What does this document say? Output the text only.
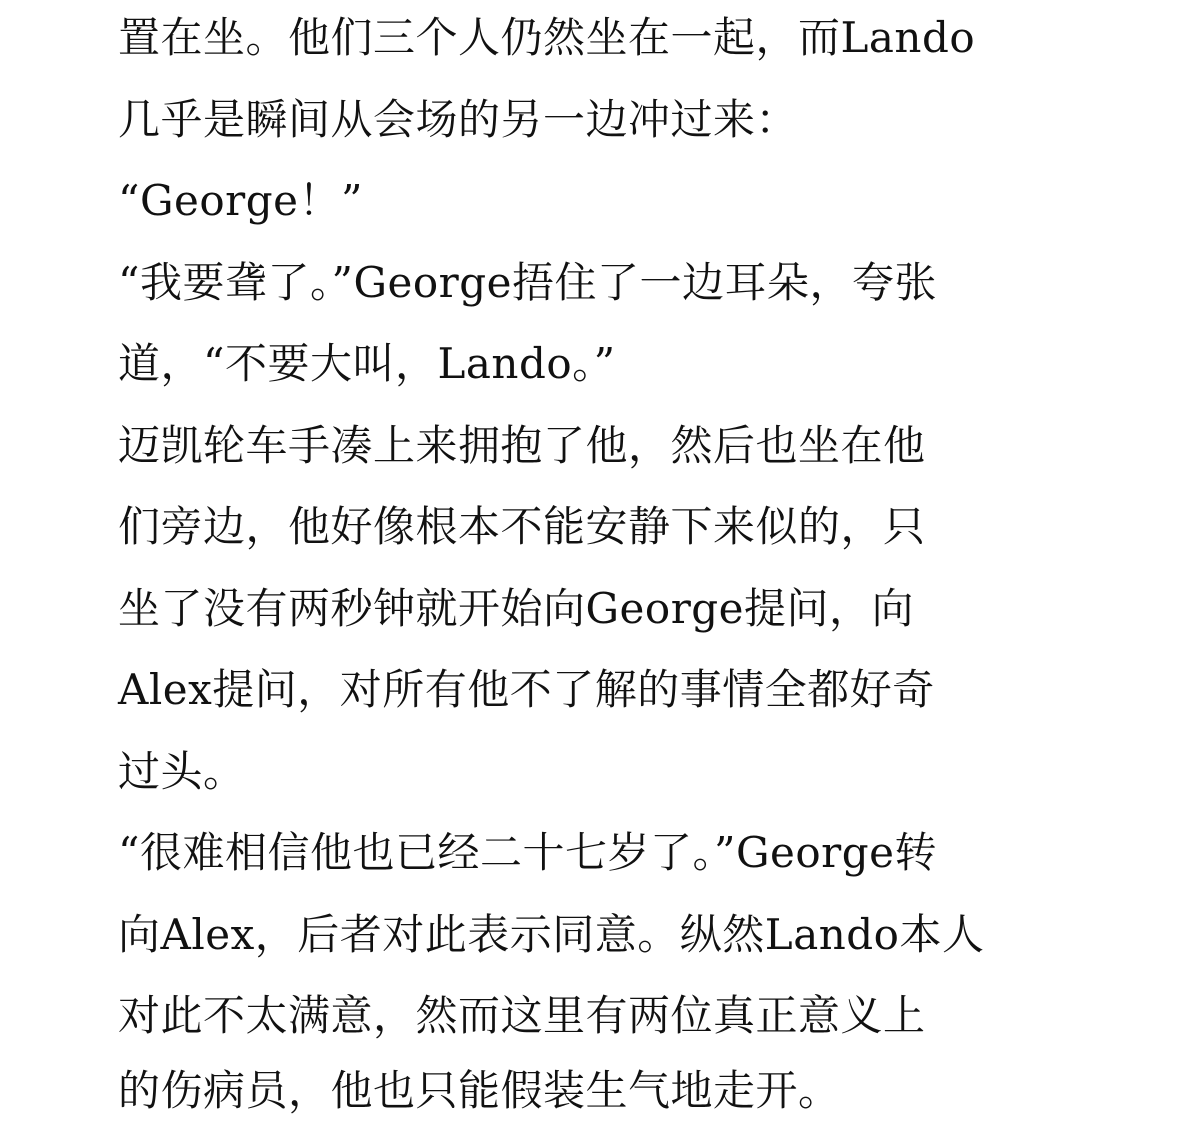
置在坐。他们三个人仍然坐在一起，而Lando
几乎是瞬间从会场的另一边冲过来：
“George！”
“我要聋了。”George捂住了一边耳朵，夸张
道，“不要大叫，Lando。”
迈凯轮车手凑上来拥抱了他，然后也坐在他
们旁边，他好像根本不能安静下来似的，只
坐了没有两秒钟就开始向George提问，向
Alex提问，对所有他不了解的事情全都好奇
过头。
“很难相信他也已经二十七岁了。”George转
向Alex，后者对此表示同意。纵然Lando本人
对此不太满意，然而这里有两位真正意义上
的伤病员，他也只能假装生气地走开。
